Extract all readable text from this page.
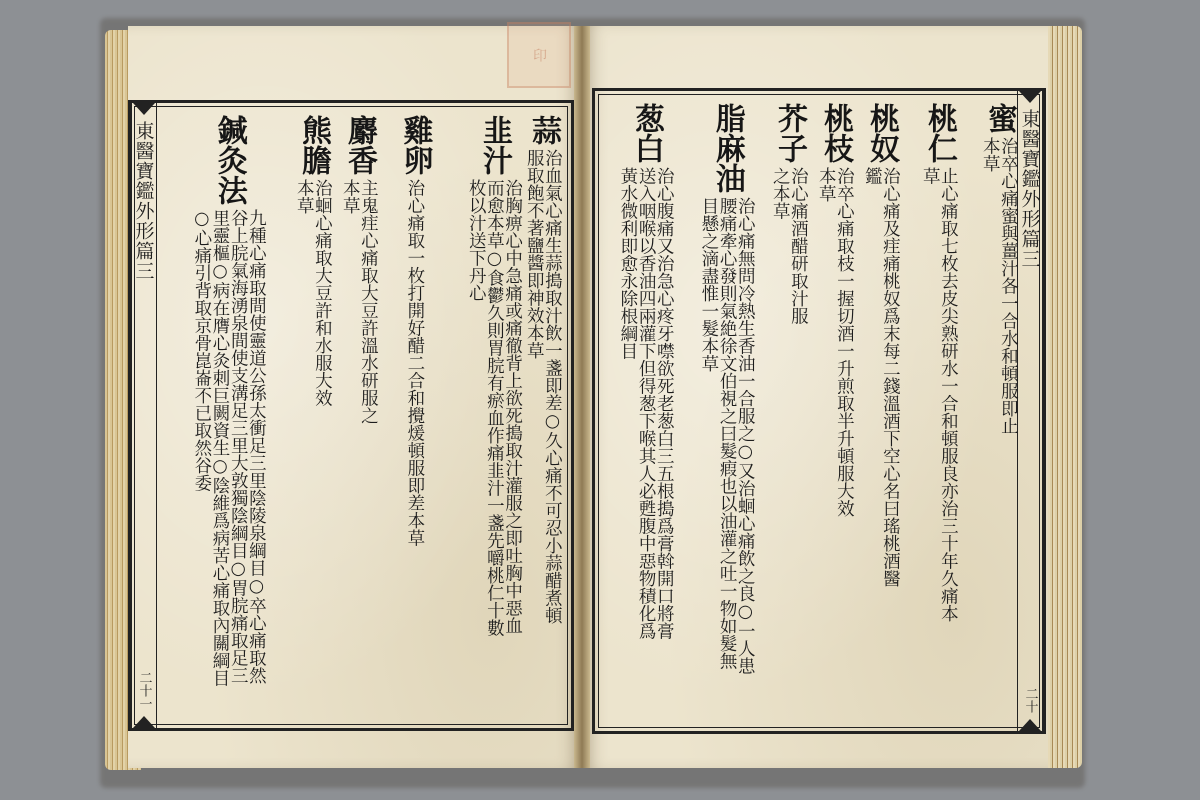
印
東醫寶鑑外形篇三
二十一
蒜
治血氣心痛生蒜搗取汁飲一盞即差○久心痛不可忍小蒜醋煮頓服取飽不著鹽醬即神效本草
韭汁
治胸痹心中急痛或痛徹背上欲死搗取汁灌服之即吐胸中惡血而愈本草○食鬱久則胃脘有瘀血作痛韭汁一盞先嚼桃仁十數枚以汁送下丹心
雞卵
治心痛取一枚打開好醋二合和攪煖頓服即差本草
麝香
主鬼疰心痛取大豆許溫水研服之本草
熊膽
治蛔心痛取大豆許和水服大效本草
鍼灸法
九種心痛取間使靈道公孫太衝足三里陰陵泉綱目○卒心痛取然谷上脘氣海湧泉間使支溝足三里大敦獨陰綱目○胃脘痛取足三里靈樞○病在膺心灸刺巨闕資生○陰維爲病苦心痛取內關綱目○心痛引背取京骨崑崙不已取然谷委
東醫寶鑑外形篇三
二十
蜜
治卒心痛蜜與薑汁各一合水和頓服即止本草
桃仁
止心痛取七枚去皮尖熟研水一合和頓服良亦治三十年久痛本草
桃奴
治心痛及疰痛桃奴爲末每二錢溫酒下空心名曰瑤桃酒醫鑑
桃枝
治卒心痛取枝一握切酒一升煎取半升頓服大效本草
芥子
治心痛酒醋研取汁服之本草
脂麻油
治心痛無問冷熱生香油一合服之○又治蛔心痛飲之良○一人患腰痛牽心發則氣絶徐文伯視之曰髮瘕也以油灌之吐一物如髮無目懸之滴盡惟一髮本草
葱白
治心腹痛又治急心疼牙噤欲死老葱白三五根搗爲膏斡開口將膏送入咽喉以香油四兩灌下但得葱下喉其人必甦腹中惡物積化爲黃水微利即愈永除根綱目
